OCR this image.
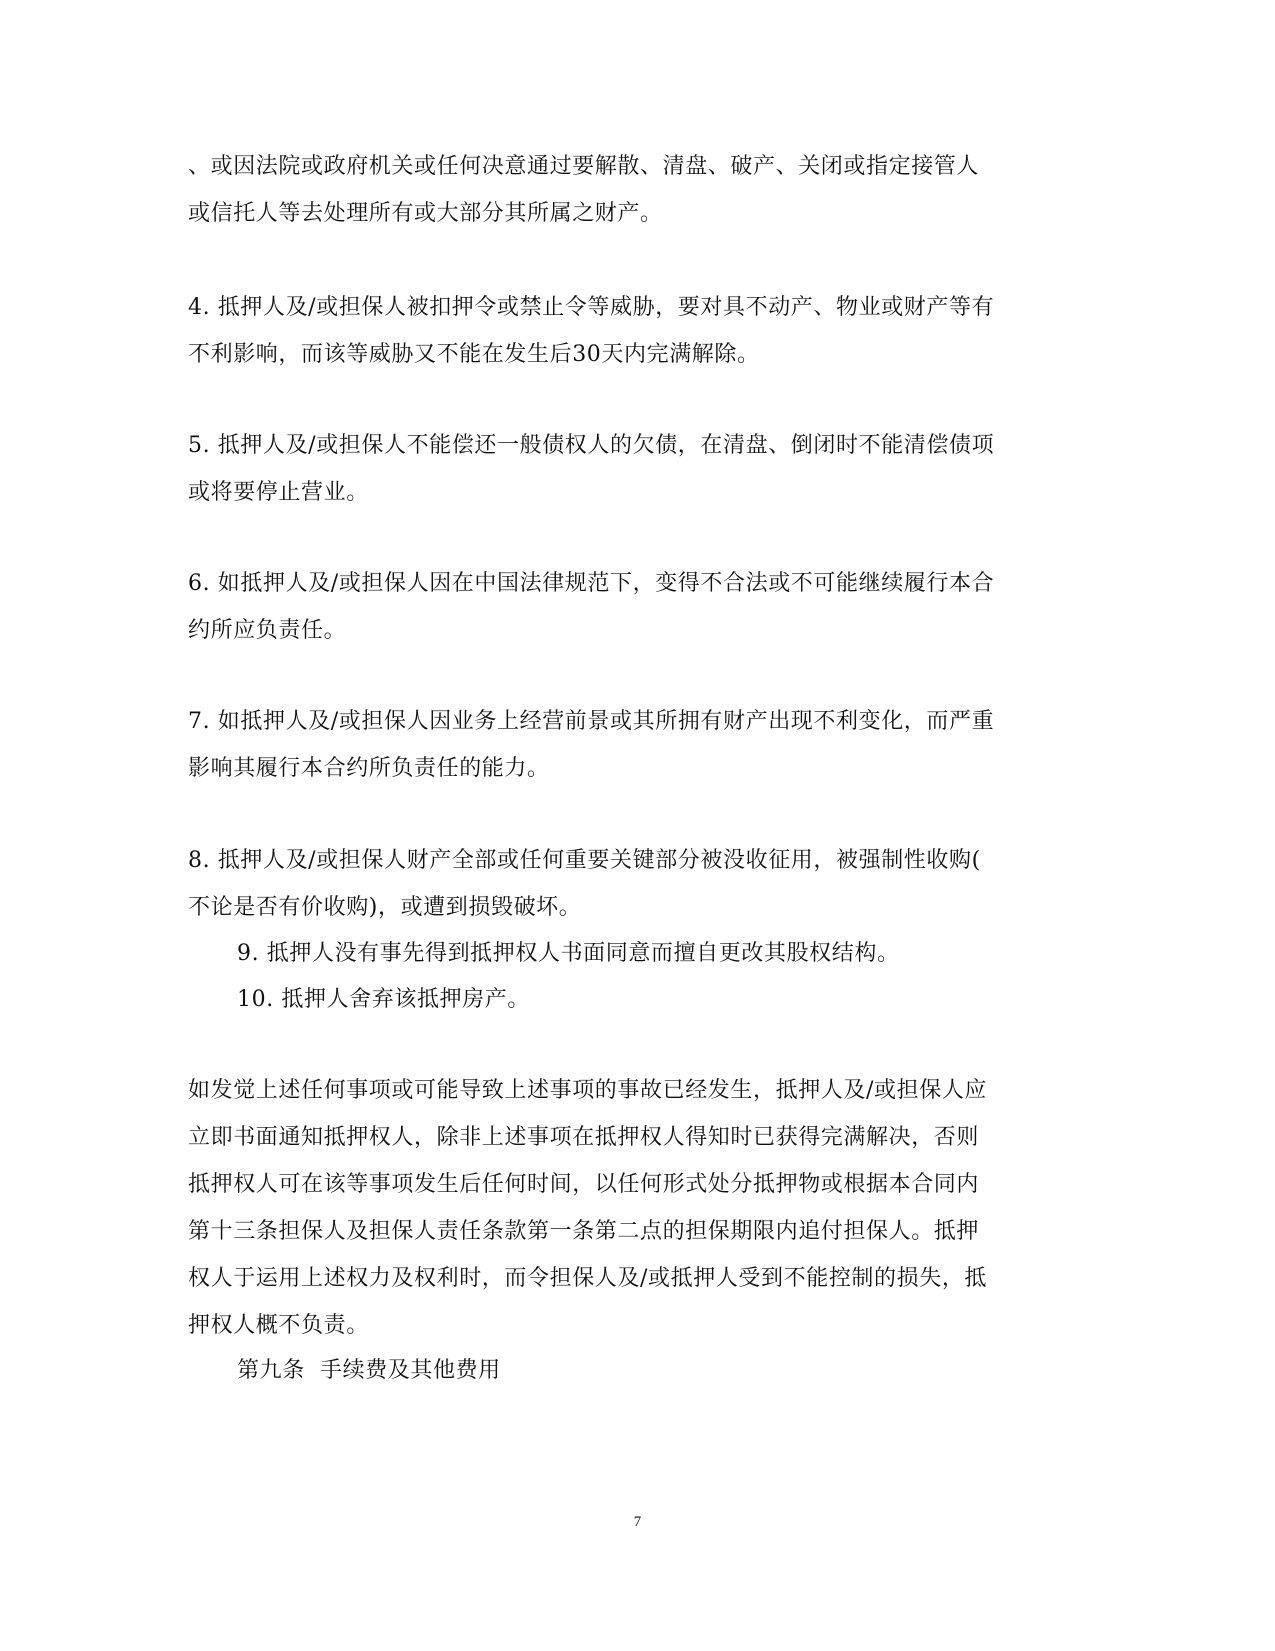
、或因法院或政府机关或任何决意通过要解散、清盘、破产、关闭或指定接管人
或信托人等去处理所有或大部分其所属之财产。
4. 抵押人及/或担保人被扣押令或禁止令等威胁，要对具不动产、物业或财产等有
不利影响，而该等威胁又不能在发生后30天内完满解除。
5. 抵押人及/或担保人不能偿还一般债权人的欠债，在清盘、倒闭时不能清偿债项
或将要停止营业。
6. 如抵押人及/或担保人因在中国法律规范下，变得不合法或不可能继续履行本合
约所应负责任。
7. 如抵押人及/或担保人因业务上经营前景或其所拥有财产出现不利变化，而严重
影响其履行本合约所负责任的能力。
8. 抵押人及/或担保人财产全部或任何重要关键部分被没收征用，被强制性收购(
不论是否有价收购)，或遭到损毁破坏。
9. 抵押人没有事先得到抵押权人书面同意而擅自更改其股权结构。
10. 抵押人舍弃该抵押房产。
如发觉上述任何事项或可能导致上述事项的事故已经发生，抵押人及/或担保人应
立即书面通知抵押权人，除非上述事项在抵押权人得知时已获得完满解决，否则
抵押权人可在该等事项发生后任何时间，以任何形式处分抵押物或根据本合同内
第十三条担保人及担保人责任条款第一条第二点的担保期限内追付担保人。抵押
权人于运用上述权力及权利时，而令担保人及/或抵押人受到不能控制的损失，抵
押权人概不负责。
第九条  手续费及其他费用
7
